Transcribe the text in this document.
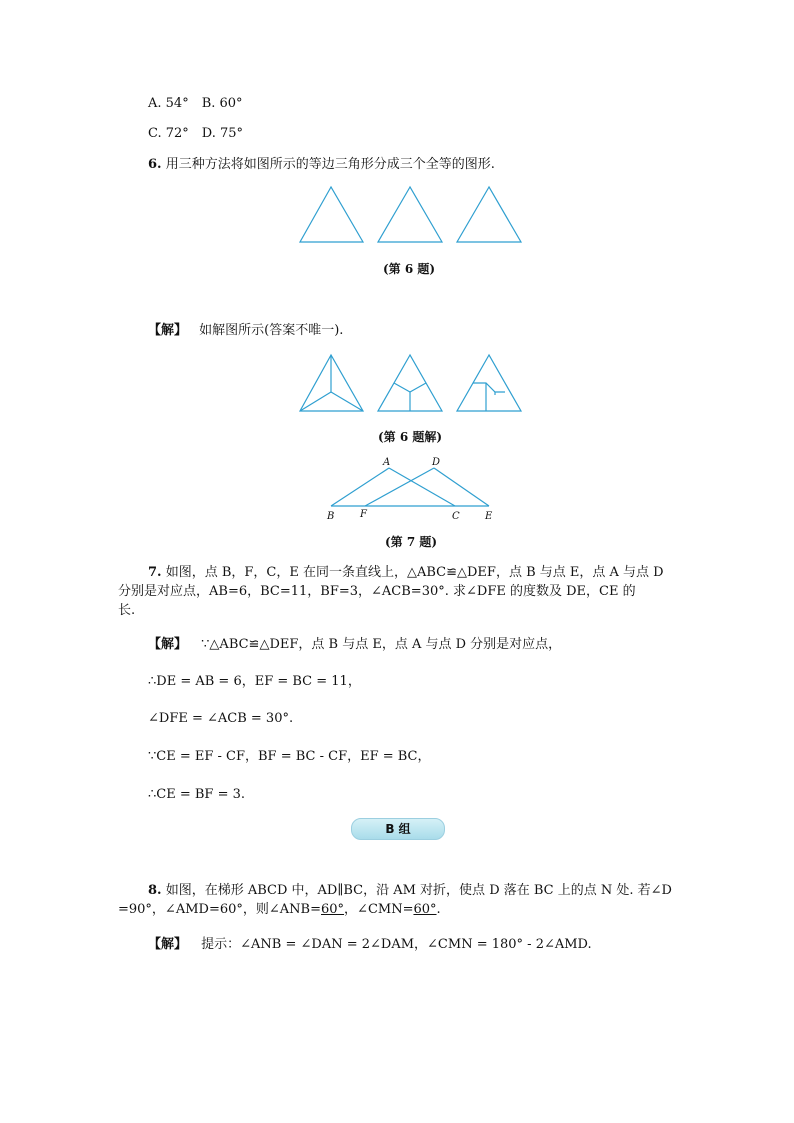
A. 54°　B. 60°
C. 72°　D. 75°
6. 用三种方法将如图所示的等边三角形分成三个全等的图形.
(第 6 题)
【解】 如解图所示(答案不唯一).
(第 6 题解)
A	D
B	F	C	E
(第 7 题)
7. 如图，点 B，F，C，E 在同一条直线上，△ABC≌△DEF，点 B 与点 E，点 A 与点 D
分别是对应点，AB=6，BC=11，BF=3，∠ACB=30°. 求∠DFE 的度数及 DE，CE 的
长.
【解】 ∵△ABC≌△DEF，点 B 与点 E，点 A 与点 D 分别是对应点，
∴DE = AB = 6，EF = BC = 11，
∠DFE = ∠ACB = 30°.
∵CE = EF - CF，BF = BC - CF，EF = BC，
∴CE = BF = 3.
B 组
8. 如图，在梯形 ABCD 中，AD∥BC，沿 AM 对折，使点 D 落在 BC 上的点 N 处. 若∠D
=90°，∠AMD=60°，则∠ANB=60°，∠CMN=60°.
【解】 提示：∠ANB = ∠DAN = 2∠DAM，∠CMN = 180° - 2∠AMD.
